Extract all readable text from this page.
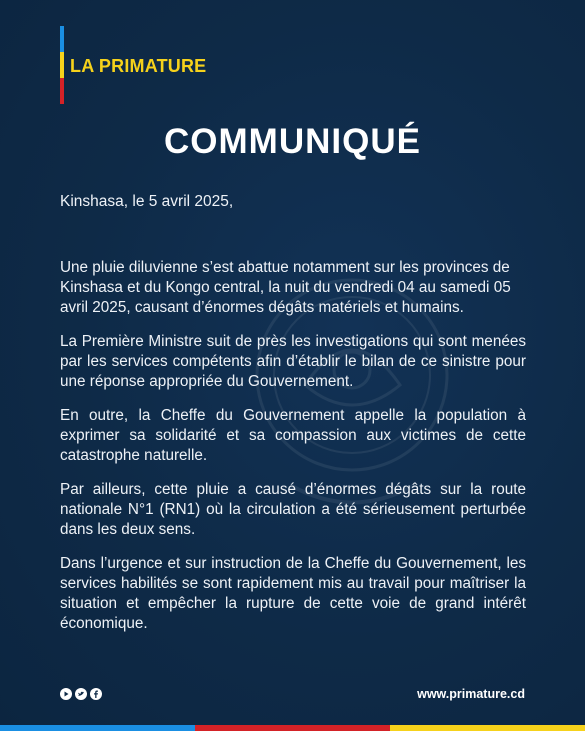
LA PRIMATURE
COMMUNIQUÉ
Kinshasa, le 5 avril 2025,

Une pluie diluvienne s’est abattue notamment sur les provinces de Kinshasa et du Kongo central, la nuit du vendredi 04 au samedi 05 avril 2025, causant d’énormes dégâts matériels et humains.

La Première Ministre suit de près les investigations qui sont menées par les services compétents afin d’établir le bilan de ce sinistre pour une réponse appropriée du Gouvernement.

En outre, la Cheffe du Gouvernement appelle la population à exprimer sa solidarité et sa compassion aux victimes de cette catastrophe naturelle.

Par ailleurs, cette pluie a causé d’énormes dégâts sur la route nationale N°1 (RN1) où la circulation a été sérieusement perturbée dans les deux sens.

Dans l’urgence et sur instruction de la Cheffe du Gouvernement, les services habilités se sont rapidement mis au travail pour maîtriser la situation et empêcher la rupture de cette voie de grand intérêt économique.

www.primature.cd
